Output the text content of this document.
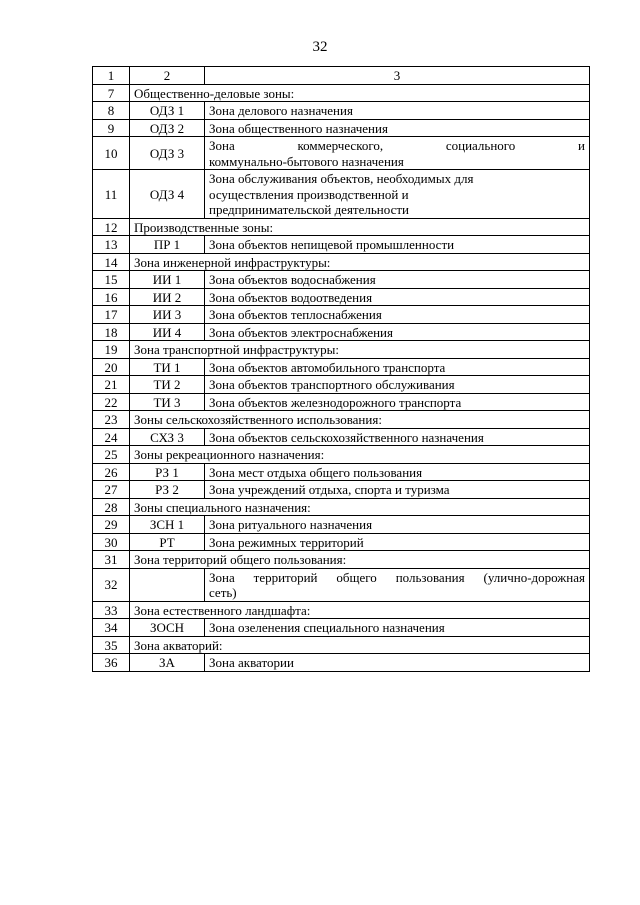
32
1	2	3
7	Общественно-деловые зоны:	
8	ОДЗ 1	Зона делового назначения
9	ОДЗ 2	Зона общественного назначения
10	ОДЗ 3	Зона коммерческого, социального и
коммунально-бытового назначения

11	ОДЗ 4	Зона обслуживания объектов, необходимых для
осуществления производственной и
предпринимательской деятельности

12	Производственные зоны:	
13	ПР 1	Зона объектов непищевой промышленности
14	Зона инженерной инфраструктуры:	
15	ИИ 1	Зона объектов водоснабжения
16	ИИ 2	Зона объектов водоотведения
17	ИИ 3	Зона объектов теплоснабжения
18	ИИ 4	Зона объектов электроснабжения
19	Зона транспортной инфраструктуры:	
20	ТИ 1	Зона объектов автомобильного транспорта
21	ТИ 2	Зона объектов транспортного обслуживания
22	ТИ 3	Зона объектов железнодорожного транспорта
23	Зоны сельскохозяйственного использования:	
24	СХЗ 3	Зона объектов сельскохозяйственного назначения
25	Зоны рекреационного назначения:	
26	РЗ 1	Зона мест отдыха общего пользования
27	РЗ 2	Зона учреждений отдыха, спорта и туризма
28	Зоны специального назначения:	
29	ЗСН 1	Зона ритуального назначения
30	РТ	Зона режимных территорий
31	Зона территорий общего пользования:	
32		Зона территорий общего пользования (улично-дорожная
сеть)

33	Зона естественного ландшафта:	
34	ЗОСН	Зона озеленения специального назначения
35	Зона акваторий:	
36	ЗА	Зона акватории
